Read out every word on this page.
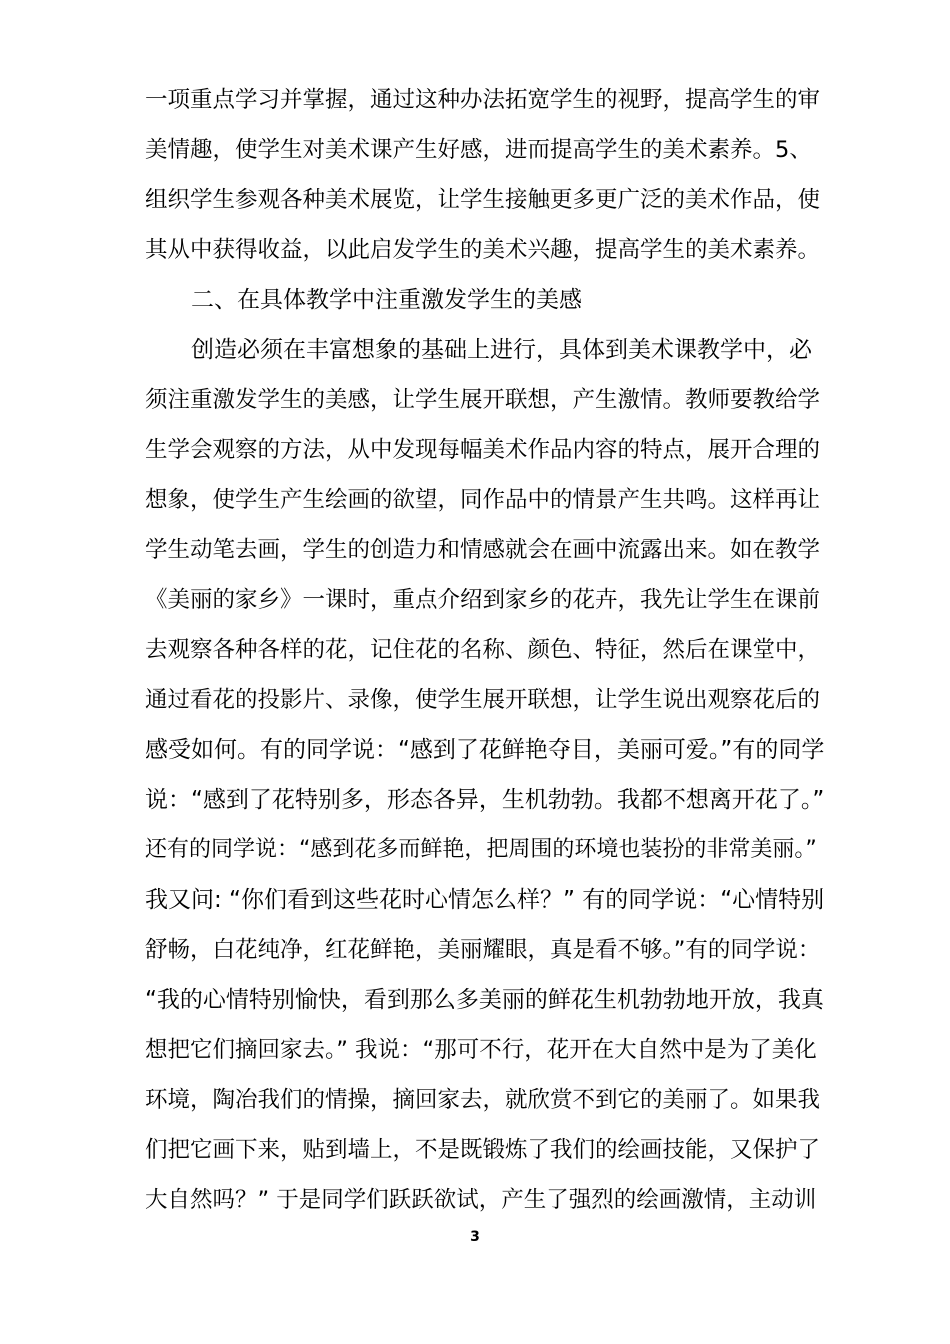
一项重点学习并掌握，通过这种办法拓宽学生的视野，提高学生的审
美情趣，使学生对美术课产生好感，进而提高学生的美术素养。5、
组织学生参观各种美术展览，让学生接触更多更广泛的美术作品，使
其从中获得收益，以此启发学生的美术兴趣，提高学生的美术素养。
　　二、在具体教学中注重激发学生的美感
　　创造必须在丰富想象的基础上进行，具体到美术课教学中，必
须注重激发学生的美感，让学生展开联想，产生激情。教师要教给学
生学会观察的方法，从中发现每幅美术作品内容的特点，展开合理的
想象，使学生产生绘画的欲望，同作品中的情景产生共鸣。这样再让
学生动笔去画，学生的创造力和情感就会在画中流露出来。如在教学
《美丽的家乡》一课时，重点介绍到家乡的花卉，我先让学生在课前
去观察各种各样的花，记住花的名称、颜色、特征，然后在课堂中，
通过看花的投影片、录像，使学生展开联想，让学生说出观察花后的
感受如何。有的同学说：“感到了花鲜艳夺目，美丽可爱。”有的同学
说：“感到了花特别多，形态各异，生机勃勃。我都不想离开花了。”
还有的同学说：“感到花多而鲜艳，把周围的环境也装扮的非常美丽。”
我又问: “你们看到这些花时心情怎么样？” 有的同学说：“心情特别
舒畅，白花纯净，红花鲜艳，美丽耀眼，真是看不够。”有的同学说：
“我的心情特别愉快，看到那么多美丽的鲜花生机勃勃地开放，我真
想把它们摘回家去。” 我说：“那可不行，花开在大自然中是为了美化
环境，陶冶我们的情操，摘回家去，就欣赏不到它的美丽了。如果我
们把它画下来，贴到墙上，不是既锻炼了我们的绘画技能，又保护了
大自然吗？” 于是同学们跃跃欲试，产生了强烈的绘画激情，主动训
3
